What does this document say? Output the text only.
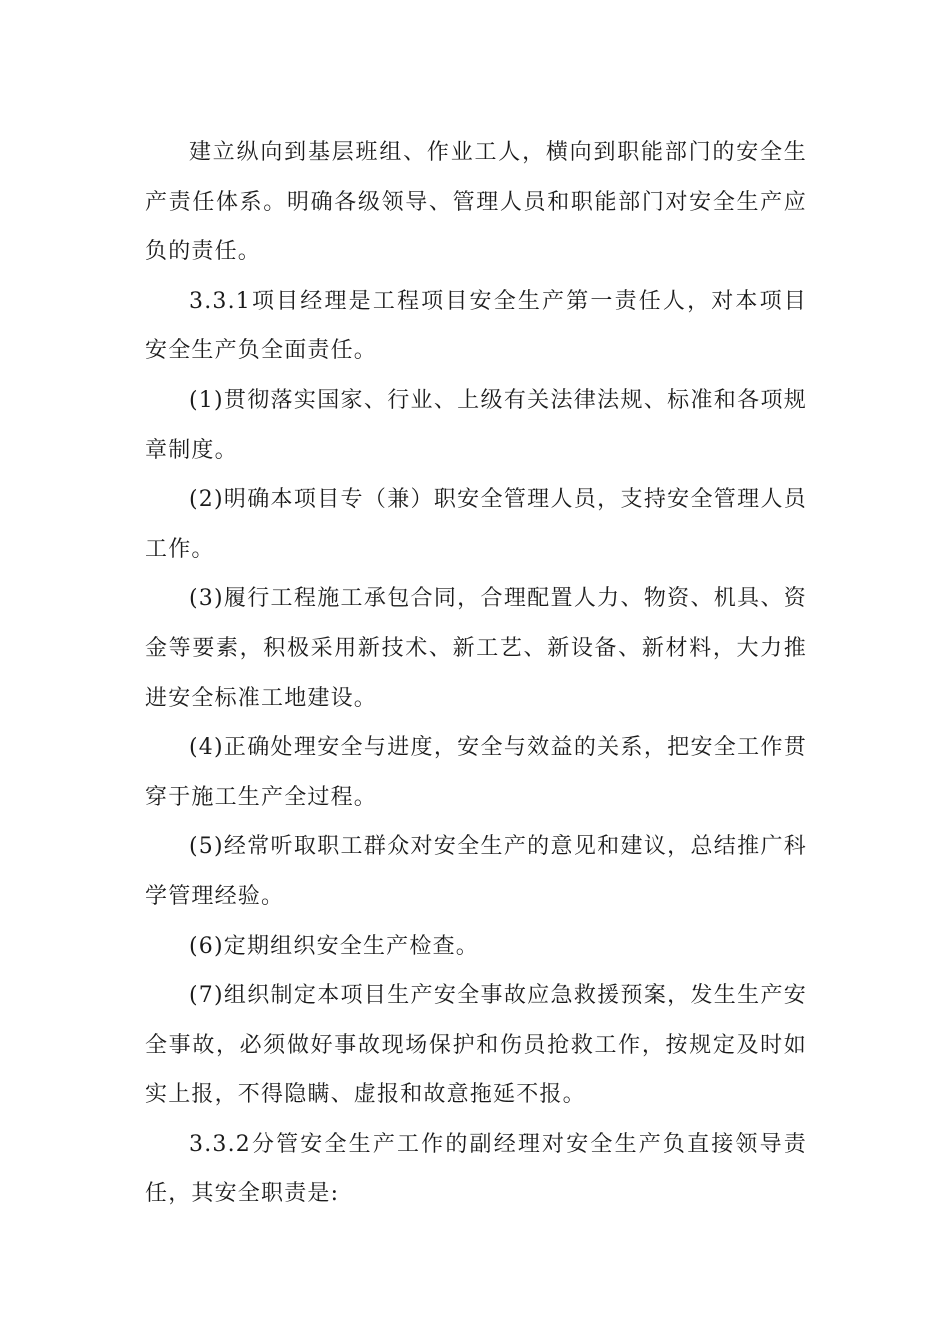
建立纵向到基层班组、作业工人，横向到职能部门的安全生产责任体系。明确各级领导、管理人员和职能部门对安全生产应负的责任。

3.3.1项目经理是工程项目安全生产第一责任人，对本项目安全生产负全面责任。

(1)贯彻落实国家、行业、上级有关法律法规、标准和各项规章制度。

(2)明确本项目专（兼）职安全管理人员，支持安全管理人员工作。

(3)履行工程施工承包合同，合理配置人力、物资、机具、资金等要素，积极采用新技术、新工艺、新设备、新材料，大力推进安全标准工地建设。

(4)正确处理安全与进度，安全与效益的关系，把安全工作贯穿于施工生产全过程。

(5)经常听取职工群众对安全生产的意见和建议，总结推广科学管理经验。

(6)定期组织安全生产检查。

(7)组织制定本项目生产安全事故应急救援预案，发生生产安全事故，必须做好事故现场保护和伤员抢救工作，按规定及时如实上报，不得隐瞒、虚报和故意拖延不报。

3.3.2分管安全生产工作的副经理对安全生产负直接领导责任，其安全职责是:
